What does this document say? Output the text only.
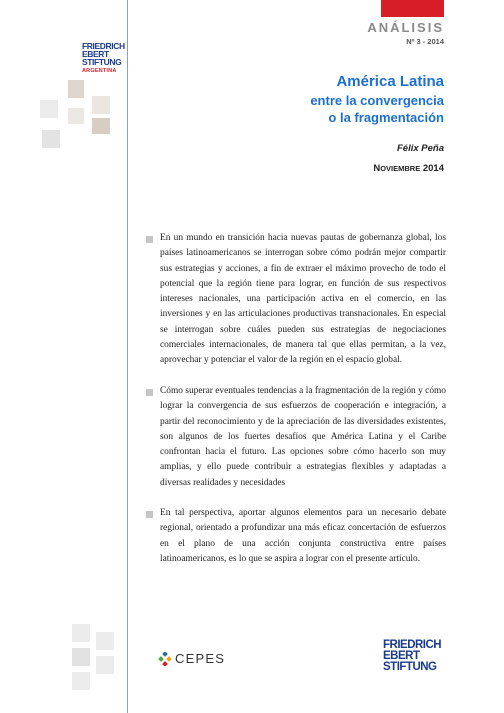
ANÁLISIS
Nº 3 - 2014
FRIEDRICH
EBERT
STIFTUNG
ARGENTINA
América Latina
entre la convergencia
o la fragmentación
Félix Peña
NOVIEMBRE 2014
En un mundo en transición hacia nuevas pautas de gobernanza global, los países latinoamericanos se interrogan sobre cómo podrán mejor compartir sus estrategias y acciones, a fin de extraer el máximo provecho de todo el potencial que la región tiene para lograr, en función de sus respectivos intereses nacionales, una participación activa en el comercio, en las inversiones y en las articulaciones productivas transnacionales. En especial se interrogan sobre cuáles pueden sus estrategias de negociaciones comerciales internacionales, de manera tal que ellas permitan, a la vez, aprovechar y potenciar el valor de la región en el espacio global.
Cómo superar eventuales tendencias a la fragmentación de la región y cómo lograr la convergencia de sus esfuerzos de cooperación e integración, a partir del reconocimiento y de la apreciación de las diversidades existentes, son algunos de los fuertes desafíos que América Latina y el Caribe confrontan hacia el futuro. Las opciones sobre cómo hacerlo son muy amplias, y ello puede contribuir a estrategias flexibles y adaptadas a diversas realidades y necesidades
En tal perspectiva, aportar algunos elementos para un necesario debate regional, orientado a profundizar una más eficaz concertación de esfuerzos en el plano de una acción conjunta constructiva entre países latinoamericanos, es lo que se aspira a lograr con el presente artículo.
CEPES
FRIEDRICH
EBERT
STIFTUNG
